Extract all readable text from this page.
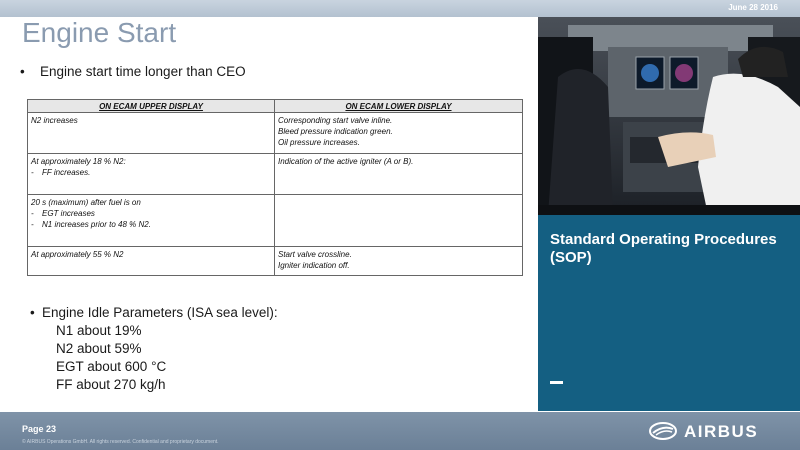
June 28 2016
Engine Start
• Engine start time longer than CEO
ON ECAM UPPER DISPLAY	ON ECAM LOWER DISPLAY

N2 increases	Corresponding start valve inline.
Bleed pressure indication green.
Oil pressure increases.

At approximately 18 % N2:
- FF increases.	Indication of the active igniter (A or B).

20 s (maximum) after fuel is on
- EGT increases
- N1 increases prior to 48 % N2.	

At approximately 55 % N2	Start valve crossline.
Igniter indication off.
• Engine Idle Parameters (ISA sea level):
N1 about 19%
N2 about 59%
EGT about 600 °C
FF about 270 kg/h
Standard Operating Procedures (SOP)
Page 23
© AIRBUS Operations GmbH. All rights reserved. Confidential and proprietary document.
AIRBUS
